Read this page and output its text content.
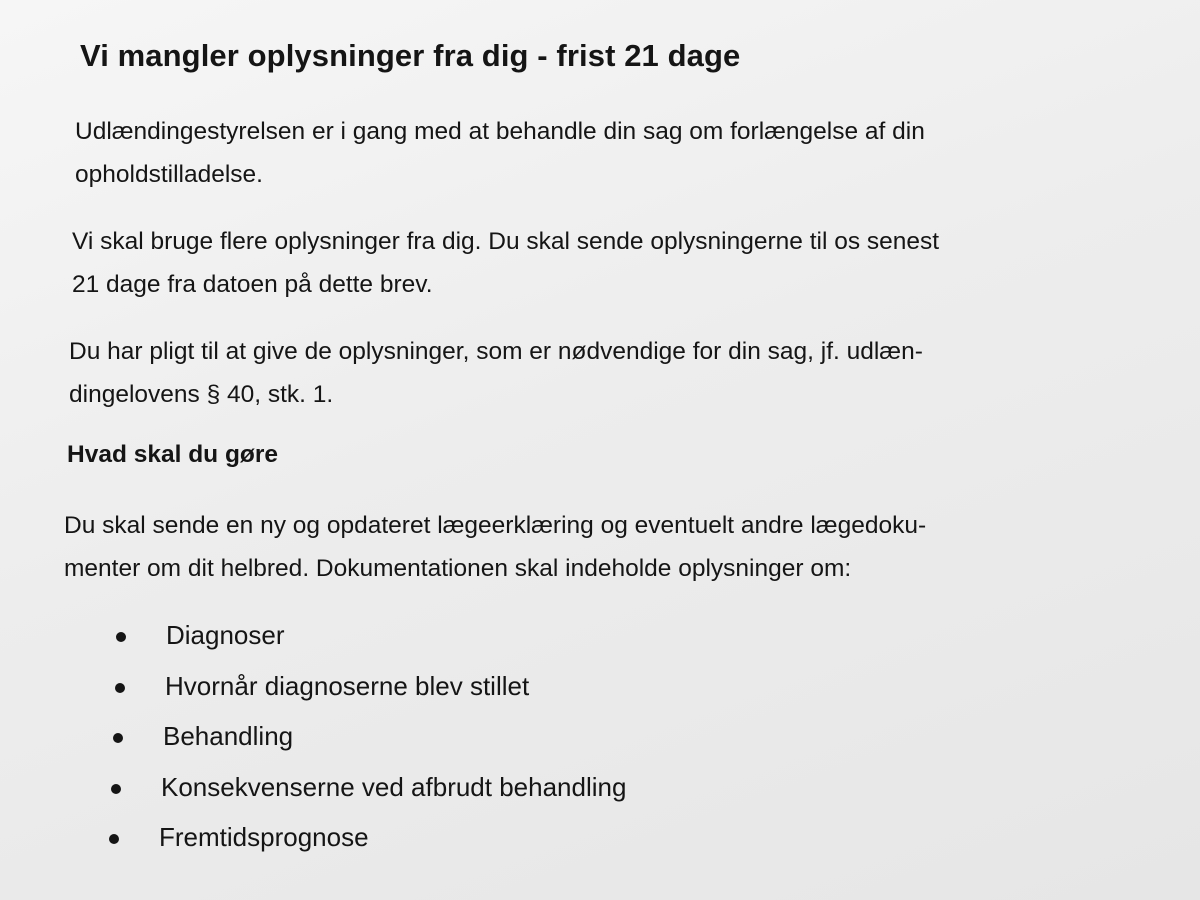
Vi mangler oplysninger fra dig - frist 21 dage

Udlændingestyrelsen er i gang med at behandle din sag om forlængelse af din
opholdstilladelse.

Vi skal bruge flere oplysninger fra dig. Du skal sende oplysningerne til os senest
21 dage fra datoen på dette brev.

Du har pligt til at give de oplysninger, som er nødvendige for din sag, jf. udlæn-
dingelovens § 40, stk. 1.

Hvad skal du gøre

Du skal sende en ny og opdateret lægeerklæring og eventuelt andre lægedoku-
menter om dit helbred. Dokumentationen skal indeholde oplysninger om:

Diagnoser
Hvornår diagnoserne blev stillet
Behandling
Konsekvenserne ved afbrudt behandling
Fremtidsprognose
